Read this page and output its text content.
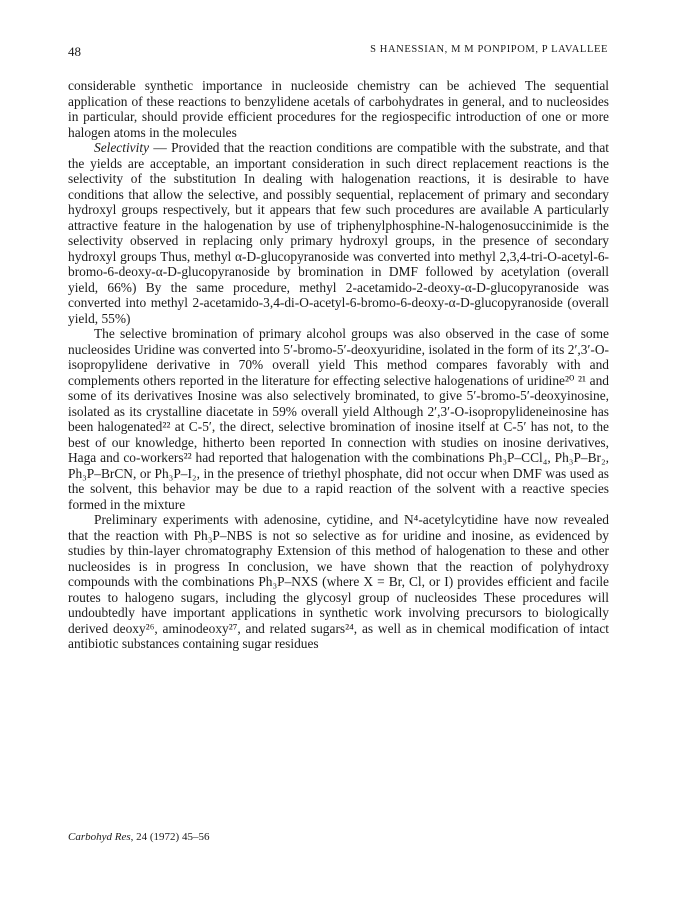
48	S HANESSIAN, M M PONPIPOM, P LAVALLEE

considerable synthetic importance in nucleoside chemistry can be achieved The sequential application of these reactions to benzylidene acetals of carbohydrates in general, and to nucleosides in particular, should provide efficient procedures for the regiospecific introduction of one or more halogen atoms in the molecules

Selectivity — Provided that the reaction conditions are compatible with the substrate, and that the yields are acceptable, an important consideration in such direct replacement reactions is the selectivity of the substitution In dealing with halogenation reactions, it is desirable to have conditions that allow the selective, and possibly sequential, replacement of primary and secondary hydroxyl groups respectively, but it appears that few such procedures are available A particularly attractive feature in the halogenation by use of triphenylphosphine-N-halogenosuccinimide is the selectivity observed in replacing only primary hydroxyl groups, in the presence of secondary hydroxyl groups Thus, methyl α-D-glucopyranoside was converted into methyl 2,3,4-tri-O-acetyl-6-bromo-6-deoxy-α-D-glucopyranoside by bromination in DMF followed by acetylation (overall yield, 66%) By the same procedure, methyl 2-acetamido-2-deoxy-α-D-glucopyranoside was converted into methyl 2-acetamido-3,4-di-O-acetyl-6-bromo-6-deoxy-α-D-glucopyranoside (overall yield, 55%)

The selective bromination of primary alcohol groups was also observed in the case of some nucleosides Uridine was converted into 5′-bromo-5′-deoxyuridine, isolated in the form of its 2′,3′-O-isopropylidene derivative in 70% overall yield This method compares favorably with and complements others reported in the literature for effecting selective halogenations of uridine²⁰ ²¹ and some of its derivatives Inosine was also selectively brominated, to give 5′-bromo-5′-deoxyinosine, isolated as its crystalline diacetate in 59% overall yield Although 2′,3′-O-isopropylideneinosine has been halogenated²² at C-5′, the direct, selective bromination of inosine itself at C-5′ has not, to the best of our knowledge, hitherto been reported In connection with studies on inosine derivatives, Haga and co-workers²² had reported that halogenation with the combinations Ph₃P–CCl₄, Ph₃P–Br₂, Ph₃P–BrCN, or Ph₃P–I₂, in the presence of triethyl phosphate, did not occur when DMF was used as the solvent, this behavior may be due to a rapid reaction of the solvent with a reactive species formed in the mixture

Preliminary experiments with adenosine, cytidine, and N⁴-acetylcytidine have now revealed that the reaction with Ph₃P–NBS is not so selective as for uridine and inosine, as evidenced by studies by thin-layer chromatography Extension of this method of halogenation to these and other nucleosides is in progress In conclusion, we have shown that the reaction of polyhydroxy compounds with the combinations Ph₃P–NXS (where X = Br, Cl, or I) provides efficient and facile routes to halogeno sugars, including the glycosyl group of nucleosides These procedures will undoubtedly have important applications in synthetic work involving precursors to biologically derived deoxy²⁶, aminodeoxy²⁷, and related sugars²⁴, as well as in chemical modification of intact antibiotic substances containing sugar residues

Carbohyd Res, 24 (1972) 45–56
